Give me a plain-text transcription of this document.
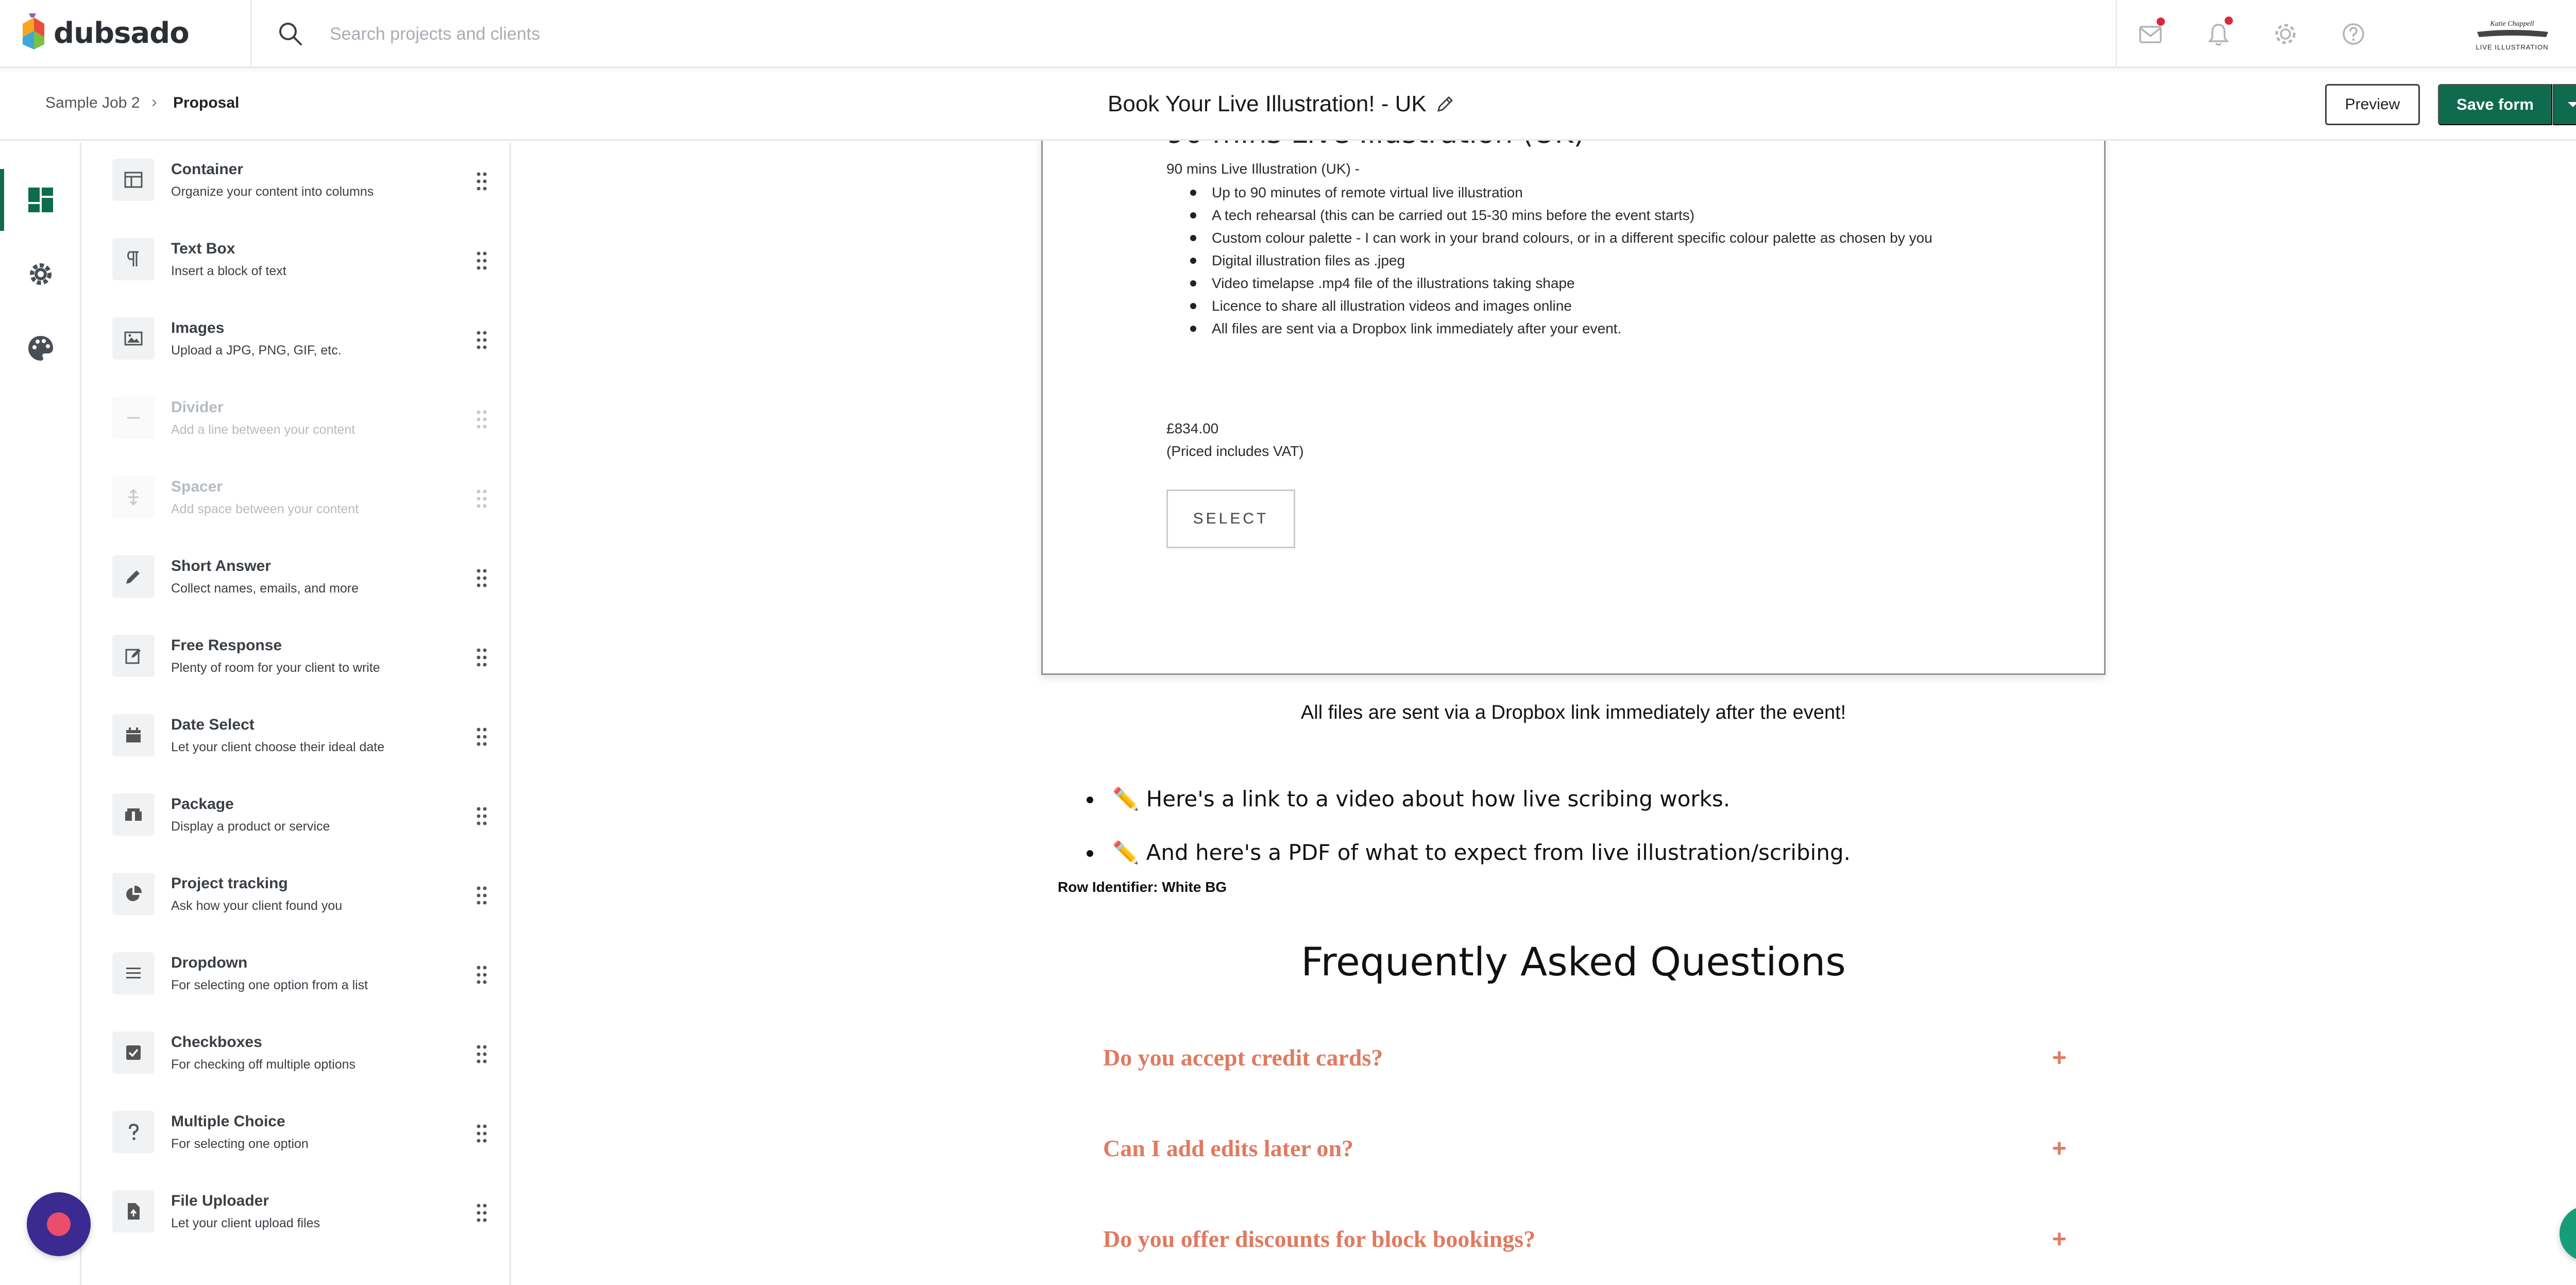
dubsado
Search projects and clients	Katie Chappell
LIVE ILLUSTRATION
Sample Job 2 › Proposal	Book Your Live Illustration! - UK	Preview	Save form
Container
Organize your content into columns
Text Box
Insert a block of text
Images
Upload a JPG, PNG, GIF, etc.
Divider
Add a line between your content
Spacer
Add space between your content
Short Answer
Collect names, emails, and more
Free Response
Plenty of room for your client to write
Date Select
Let your client choose their ideal date
Package
Display a product or service
Project tracking
Ask how your client found you
Dropdown
For selecting one option from a list
Checkboxes
For checking off multiple options
Multiple Choice
For selecting one option
File Uploader
Let your client upload files
90 mins Live Illustration (UK) -
Up to 90 minutes of remote virtual live illustration
A tech rehearsal (this can be carried out 15-30 mins before the event starts)
Custom colour palette - I can work in your brand colours, or in a different specific colour palette as chosen by you
Digital illustration files as .jpeg
Video timelapse .mp4 file of the illustrations taking shape
Licence to share all illustration videos and images online
All files are sent via a Dropbox link immediately after your event.
£834.00
(Priced includes VAT)
SELECT
All files are sent via a Dropbox link immediately after the event!
✏️ Here's a link to a video about how live scribing works.
✏️ And here's a PDF of what to expect from live illustration/scribing.
Row Identifier: White BG
Frequently Asked Questions
Do you accept credit cards?	+
Can I add edits later on?	+
Do you offer discounts for block bookings?	+
